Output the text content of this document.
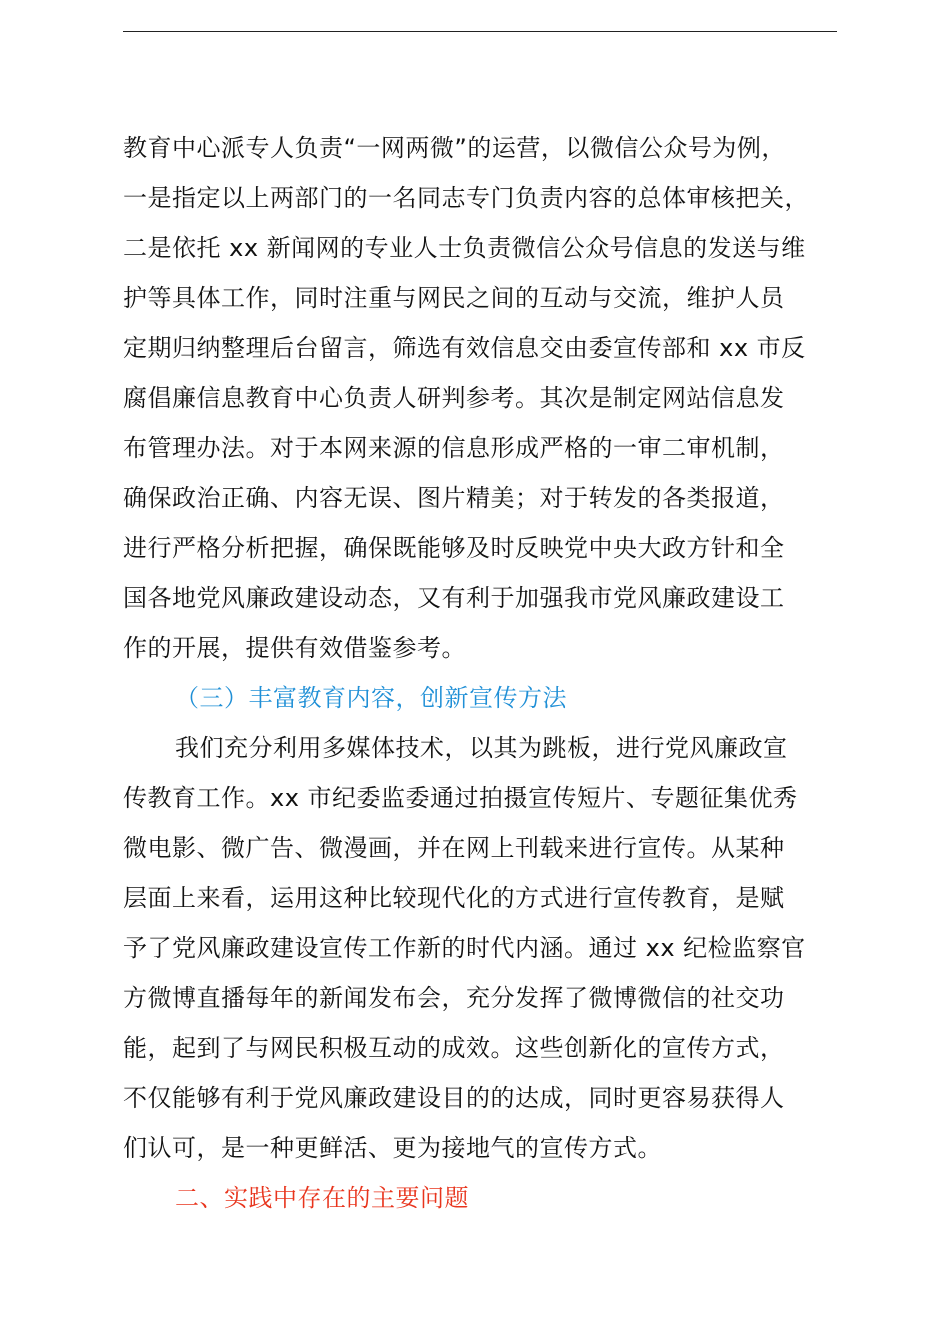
教育中心派专人负责“一网两微”的运营，以微信公众号为例，
一是指定以上两部门的一名同志专门负责内容的总体审核把关，
二是依托 xx 新闻网的专业人士负责微信公众号信息的发送与维
护等具体工作，同时注重与网民之间的互动与交流，维护人员
定期归纳整理后台留言，筛选有效信息交由委宣传部和 xx 市反
腐倡廉信息教育中心负责人研判参考。其次是制定网站信息发
布管理办法。对于本网来源的信息形成严格的一审二审机制，
确保政治正确、内容无误、图片精美；对于转发的各类报道，
进行严格分析把握，确保既能够及时反映党中央大政方针和全
国各地党风廉政建设动态，又有利于加强我市党风廉政建设工
作的开展，提供有效借鉴参考。
（三）丰富教育内容，创新宣传方法
我们充分利用多媒体技术，以其为跳板，进行党风廉政宣
传教育工作。xx 市纪委监委通过拍摄宣传短片、专题征集优秀
微电影、微广告、微漫画，并在网上刊载来进行宣传。从某种
层面上来看，运用这种比较现代化的方式进行宣传教育，是赋
予了党风廉政建设宣传工作新的时代内涵。通过 xx 纪检监察官
方微博直播每年的新闻发布会，充分发挥了微博微信的社交功
能，起到了与网民积极互动的成效。这些创新化的宣传方式，
不仅能够有利于党风廉政建设目的的达成，同时更容易获得人
们认可，是一种更鲜活、更为接地气的宣传方式。
二、实践中存在的主要问题
